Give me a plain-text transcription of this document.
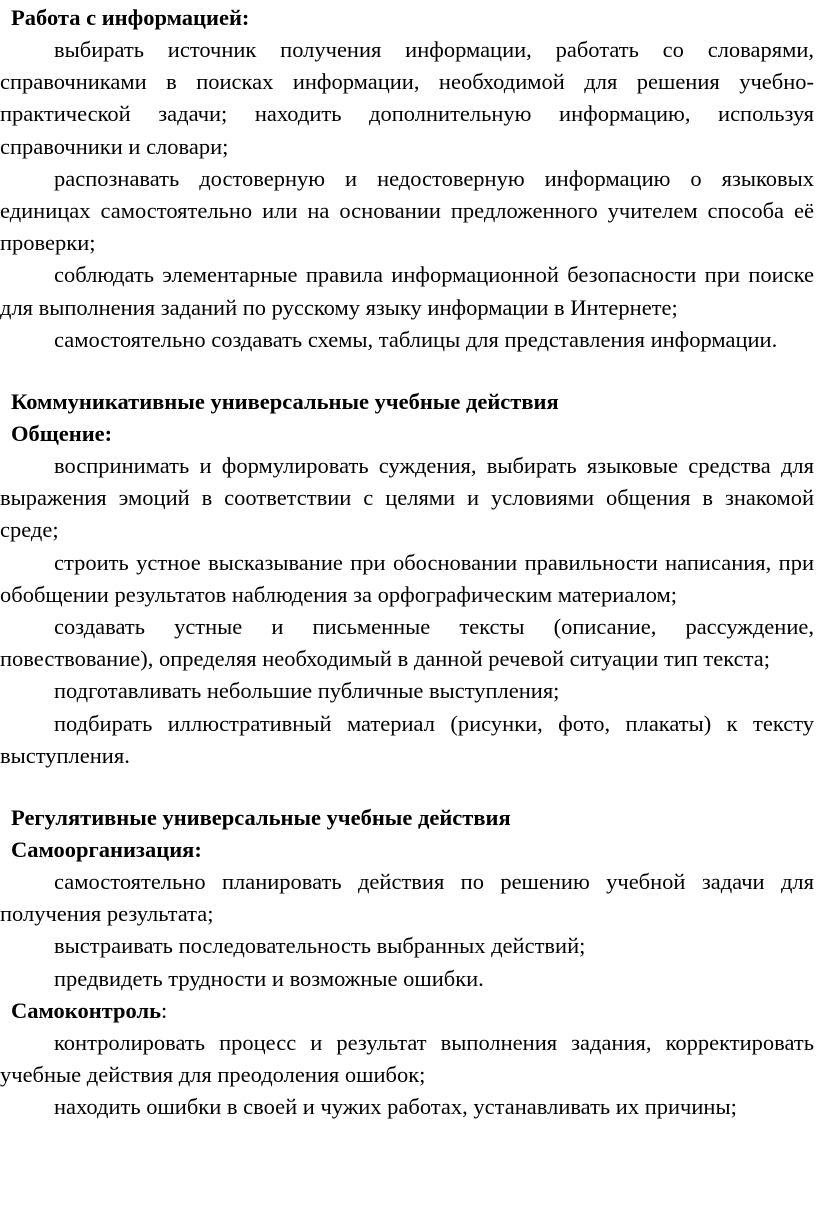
Работа с информацией:

выбирать источник получения информации, работать со словарями, справочниками в поисках информации, необходимой для решения учебно-практической задачи; находить дополнительную информацию, используя справочники и словари;

распознавать достоверную и недостоверную информацию о языковых единицах самостоятельно или на основании предложенного учителем способа её проверки;

соблюдать элементарные правила информационной безопасности при поиске для выполнения заданий по русскому языку информации в Интернете;

самостоятельно создавать схемы, таблицы для представления информации.

Коммуникативные универсальные учебные действия

Общение:

воспринимать и формулировать суждения, выбирать языковые средства для выражения эмоций в соответствии с целями и условиями общения в знакомой среде;

строить устное высказывание при обосновании правильности написания, при обобщении результатов наблюдения за орфографическим материалом;

создавать устные и письменные тексты (описание, рассуждение, повествование), определяя необходимый в данной речевой ситуации тип текста;

подготавливать небольшие публичные выступления;

подбирать иллюстративный материал (рисунки, фото, плакаты) к тексту выступления.

Регулятивные универсальные учебные действия

Самоорганизация:

самостоятельно планировать действия по решению учебной задачи для получения результата;

выстраивать последовательность выбранных действий;

предвидеть трудности и возможные ошибки.

Самоконтроль:

контролировать процесс и результат выполнения задания, корректировать учебные действия для преодоления ошибок;

находить ошибки в своей и чужих работах, устанавливать их причины;
